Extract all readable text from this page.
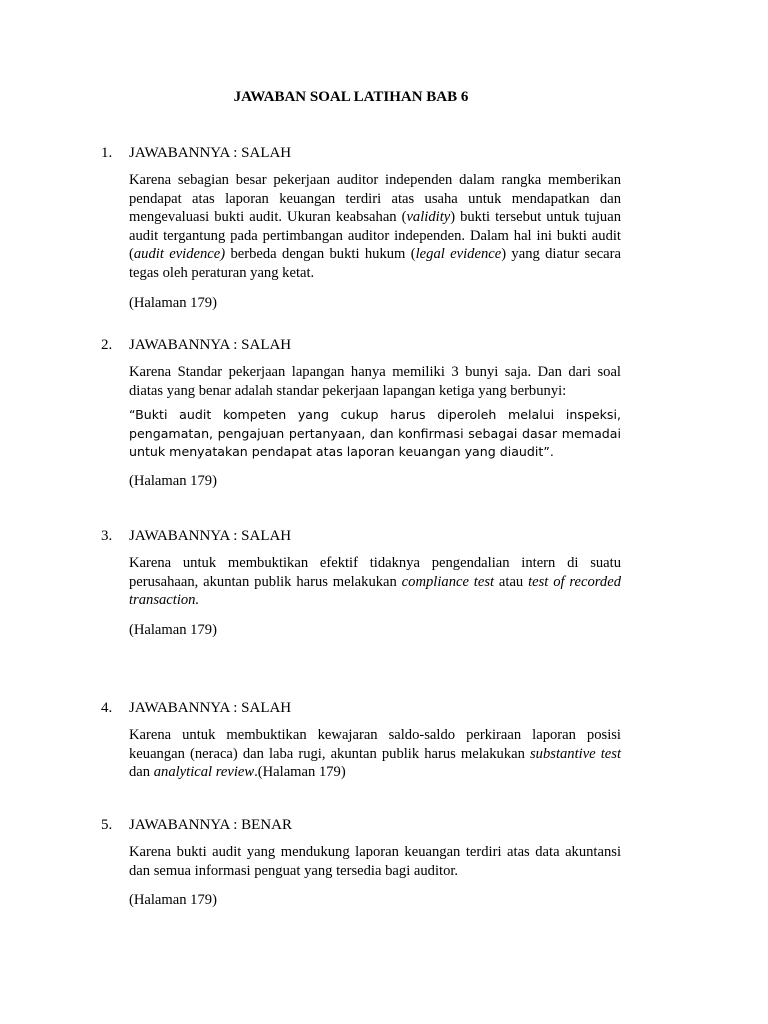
JAWABAN SOAL LATIHAN BAB 6
1. JAWABANNYA : SALAH
Karena sebagian besar pekerjaan auditor independen dalam rangka memberikan pendapat atas laporan keuangan terdiri atas usaha untuk mendapatkan dan mengevaluasi bukti audit. Ukuran keabsahan (validity) bukti tersebut untuk tujuan audit tergantung pada pertimbangan auditor independen. Dalam hal ini bukti audit (audit evidence) berbeda dengan bukti hukum (legal evidence) yang diatur secara tegas oleh peraturan yang ketat.
(Halaman 179)
2. JAWABANNYA : SALAH
Karena Standar pekerjaan lapangan hanya memiliki 3 bunyi saja. Dan dari soal diatas yang benar adalah standar pekerjaan lapangan ketiga yang berbunyi:
“Bukti audit kompeten yang cukup harus diperoleh melalui inspeksi, pengamatan, pengajuan pertanyaan, dan konfirmasi sebagai dasar memadai untuk menyatakan pendapat atas laporan keuangan yang diaudit”.
(Halaman 179)
3. JAWABANNYA : SALAH
Karena untuk membuktikan efektif tidaknya pengendalian intern di suatu perusahaan, akuntan publik harus melakukan compliance test atau test of recorded transaction.
(Halaman 179)
4. JAWABANNYA : SALAH
Karena untuk membuktikan kewajaran saldo-saldo perkiraan laporan posisi keuangan (neraca) dan laba rugi, akuntan publik harus melakukan substantive test dan analytical review.(Halaman 179)
5. JAWABANNYA : BENAR
Karena bukti audit yang mendukung laporan keuangan terdiri atas data akuntansi dan semua informasi penguat yang tersedia bagi auditor.
(Halaman 179)
